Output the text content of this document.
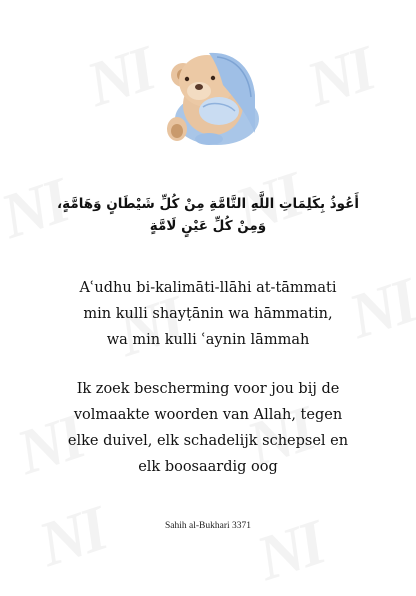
أَعُوذُ بِكَلِمَاتِ اللَّهِ التَّامَّةِ مِنْ كُلِّ شَيْطَانٍ وَهَامَّةٍ،
وَمِنْ كُلِّ عَيْنٍ لَامَّةٍ
Aʿudhu bi-kalimāti-llāhi at-tāmmati
min kulli shayṭānin wa hāmmatin,
wa min kulli ʿaynin lāmmah
Ik zoek bescherming voor jou bij de
volmaakte woorden van Allah, tegen
elke duivel, elk schadelijk schepsel en
elk boosaardig oog
Sahih al-Bukhari 3371
